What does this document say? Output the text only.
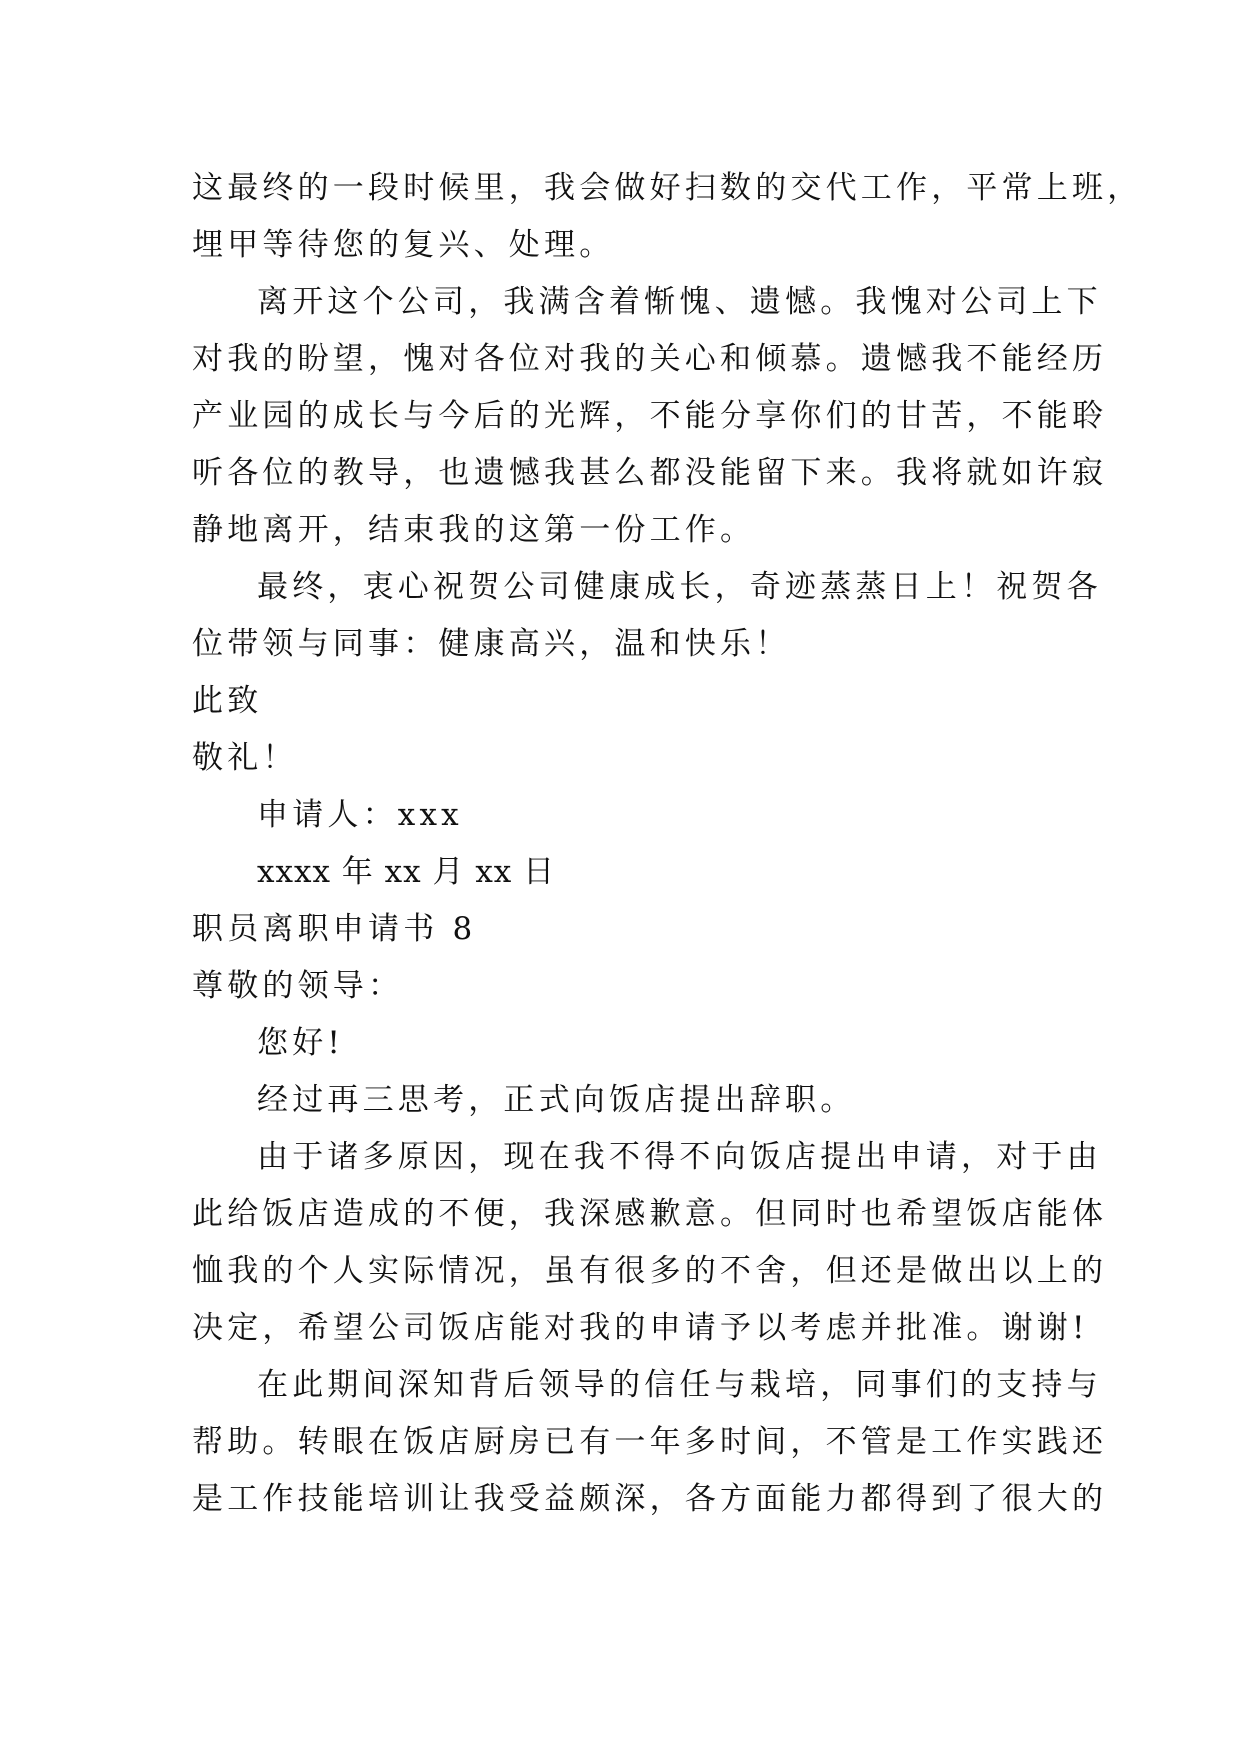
这最终的一段时候里，我会做好扫数的交代工作，平常上班，
埋甲等待您的复兴、处理。
离开这个公司，我满含着惭愧、遗憾。我愧对公司上下
对我的盼望，愧对各位对我的关心和倾慕。遗憾我不能经历
产业园的成长与今后的光辉，不能分享你们的甘苦，不能聆
听各位的教导，也遗憾我甚么都没能留下来。我将就如许寂
静地离开，结束我的这第一份工作。
最终，衷心祝贺公司健康成长，奇迹蒸蒸日上！祝贺各
位带领与同事：健康高兴，温和快乐！
此致
敬礼！
申请人：xxx
xxxx 年 xx 月 xx 日
职员离职申请书 8
尊敬的领导：
您好!
经过再三思考，正式向饭店提出辞职。
由于诸多原因，现在我不得不向饭店提出申请，对于由
此给饭店造成的不便，我深感歉意。但同时也希望饭店能体
恤我的个人实际情况，虽有很多的不舍，但还是做出以上的
决定，希望公司饭店能对我的申请予以考虑并批准。谢谢!
在此期间深知背后领导的信任与栽培，同事们的支持与
帮助。转眼在饭店厨房已有一年多时间，不管是工作实践还
是工作技能培训让我受益颇深，各方面能力都得到了很大的
